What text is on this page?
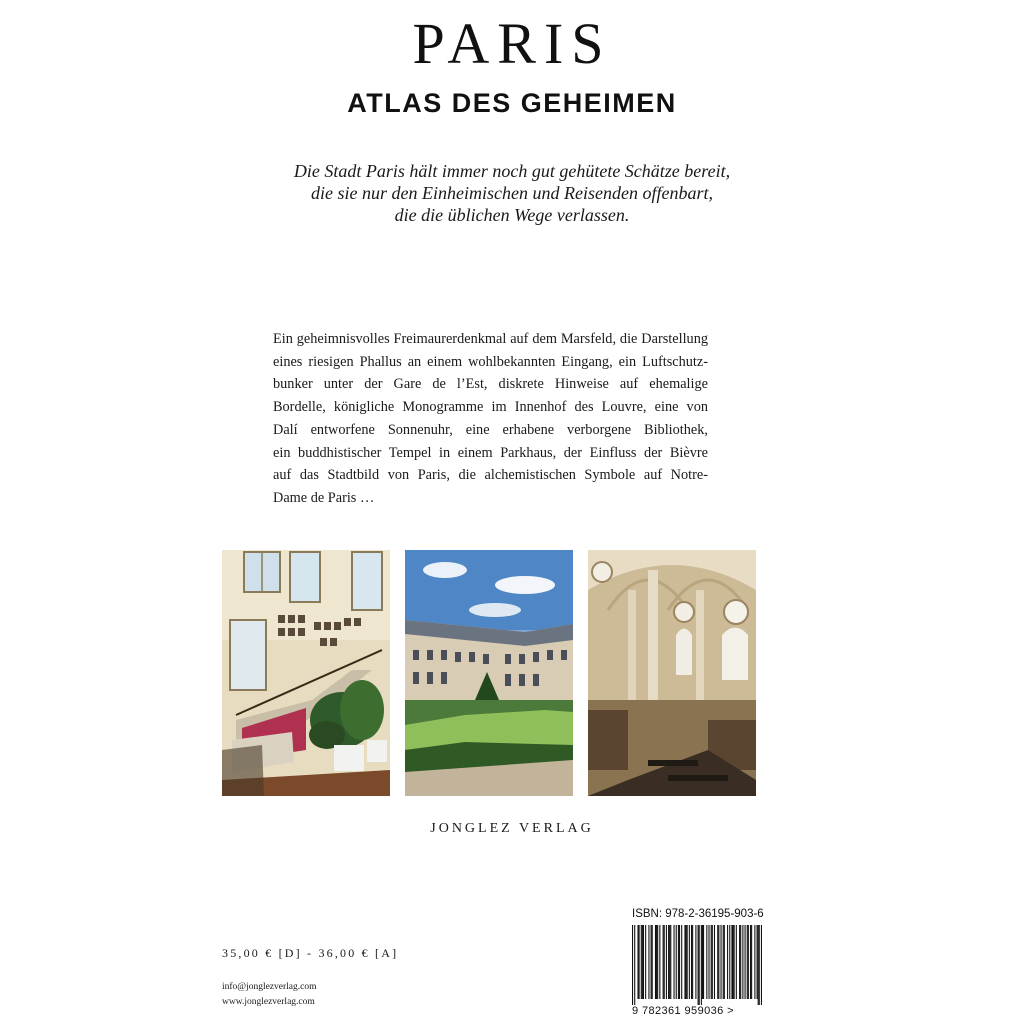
PARIS
ATLAS DES GEHEIMEN
Die Stadt Paris hält immer noch gut gehütete Schätze bereit,
die sie nur den Einheimischen und Reisenden offenbart,
die die üblichen Wege verlassen.
Ein geheimnisvolles Freimaurerdenkmal auf dem Marsfeld, die Darstellung
eines riesigen Phallus an einem wohlbekannten Eingang, ein Luftschutz-
bunker unter der Gare de l’Est, diskrete Hinweise auf ehemalige
Bordelle, königliche Monogramme im Innenhof des Louvre, eine von
Dalí entworfene Sonnenuhr, eine erhabene verborgene Bibliothek,
ein buddhistischer Tempel in einem Parkhaus, der Einfluss der Bièvre
auf das Stadtbild von Paris, die alchemistischen Symbole auf Notre-
Dame de Paris …
JONGLEZ VERLAG
35,00 € [D] - 36,00 € [A]
info@jonglezverlag.com
www.jonglezverlag.com
ISBN: 978-2-36195-903-6
9 782361 959036 >
